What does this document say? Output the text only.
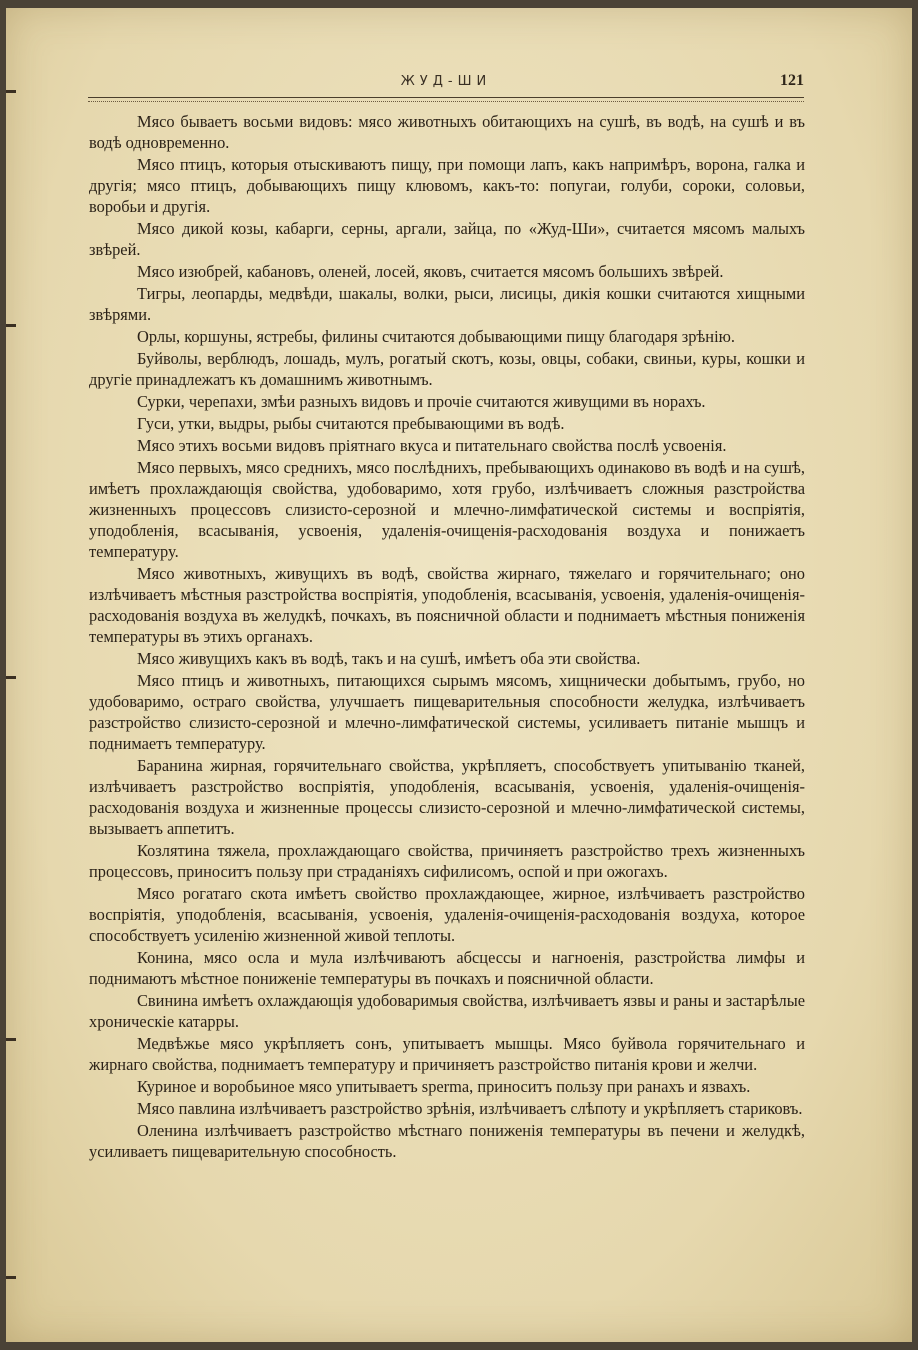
ЖУД-ШИ	121

Мясо бываетъ восьми видовъ: мясо животныхъ обитающихъ на сушѣ, въ водѣ, на сушѣ и въ водѣ одновременно.

Мясо птицъ, которыя отыскиваютъ пищу, при помощи лапъ, какъ напримѣръ, ворона, галка и другія; мясо птицъ, добывающихъ пищу клювомъ, какъ-то: попугаи, голуби, сороки, соловьи, воробьи и другія.

Мясо дикой козы, кабарги, серны, аргали, зайца, по «Жуд-Ши», считается мясомъ малыхъ звѣрей.

Мясо изюбрей, кабановъ, оленей, лосей, яковъ, считается мясомъ большихъ звѣрей.

Тигры, леопарды, медвѣди, шакалы, волки, рыси, лисицы, дикія кошки считаются хищными звѣрями.

Орлы, коршуны, ястребы, филины считаются добывающими пищу благодаря зрѣнію.

Буйволы, верблюдъ, лошадь, мулъ, рогатый скотъ, козы, овцы, собаки, свиньи, куры, кошки и другіе принадлежатъ къ домашнимъ животнымъ.

Сурки, черепахи, змѣи разныхъ видовъ и прочіе считаются живущими въ норахъ.

Гуси, утки, выдры, рыбы считаются пребывающими въ водѣ.

Мясо этихъ восьми видовъ пріятнаго вкуса и питательнаго свойства послѣ усвоенія.

Мясо первыхъ, мясо среднихъ, мясо послѣднихъ, пребывающихъ одинаково въ водѣ и на сушѣ, имѣетъ прохлаждающія свойства, удобоваримо, хотя грубо, излѣчиваетъ сложныя разстройства жизненныхъ процессовъ слизисто-серозной и млечно-лимфатической системы и воспріятія, уподобленія, всасыванія, усвоенія, удаленія-очищенія-расходованія воздуха и понижаетъ температуру.

Мясо животныхъ, живущихъ въ водѣ, свойства жирнаго, тяжелаго и горячительнаго; оно излѣчиваетъ мѣстныя разстройства воспріятія, уподобленія, всасыванія, усвоенія, удаленія-очищенія-расходованія воздуха въ желудкѣ, почкахъ, въ поясничной области и поднимаетъ мѣстныя пониженія температуры въ этихъ органахъ.

Мясо живущихъ какъ въ водѣ, такъ и на сушѣ, имѣетъ оба эти свойства.

Мясо птицъ и животныхъ, питающихся сырымъ мясомъ, хищнически добытымъ, грубо, но удобоваримо, остраго свойства, улучшаетъ пищеварительныя способности желудка, излѣчиваетъ разстройство слизисто-серозной и млечно-лимфатической системы, усиливаетъ питаніе мышцъ и поднимаетъ температуру.

Баранина жирная, горячительнаго свойства, укрѣпляетъ, способствуетъ упитыванію тканей, излѣчиваетъ разстройство воспріятія, уподобленія, всасыванія, усвоенія, удаленія-очищенія-расходованія воздуха и жизненные процессы слизисто-серозной и млечно-лимфатической системы, вызываетъ аппетитъ.

Козлятина тяжела, прохлаждающаго свойства, причиняетъ разстройство трехъ жизненныхъ процессовъ, приноситъ пользу при страданіяхъ сифилисомъ, оспой и при ожогахъ.

Мясо рогатаго скота имѣетъ свойство прохлаждающее, жирное, излѣчиваетъ разстройство воспріятія, уподобленія, всасыванія, усвоенія, удаленія-очищенія-расходованія воздуха, которое способствуетъ усиленію жизненной живой теплоты.

Конина, мясо осла и мула излѣчиваютъ абсцессы и нагноенія, разстройства лимфы и поднимаютъ мѣстное пониженіе температуры въ почкахъ и поясничной области.

Свинина имѣетъ охлаждающія удобоваримыя свойства, излѣчиваетъ язвы и раны и застарѣлые хроническіе катарры.

Медвѣжье мясо укрѣпляетъ сонъ, упитываетъ мышцы. Мясо буйвола горячительнаго и жирнаго свойства, поднимаетъ температуру и причиняетъ разстройство питанія крови и желчи.

Куриное и воробьиное мясо упитываетъ sperma, приноситъ пользу при ранахъ и язвахъ.

Мясо павлина излѣчиваетъ разстройство зрѣнія, излѣчиваетъ слѣпоту и укрѣпляетъ стариковъ.

Оленина излѣчиваетъ разстройство мѣстнаго пониженія температуры въ печени и желудкѣ, усиливаетъ пищеварительную способность.
